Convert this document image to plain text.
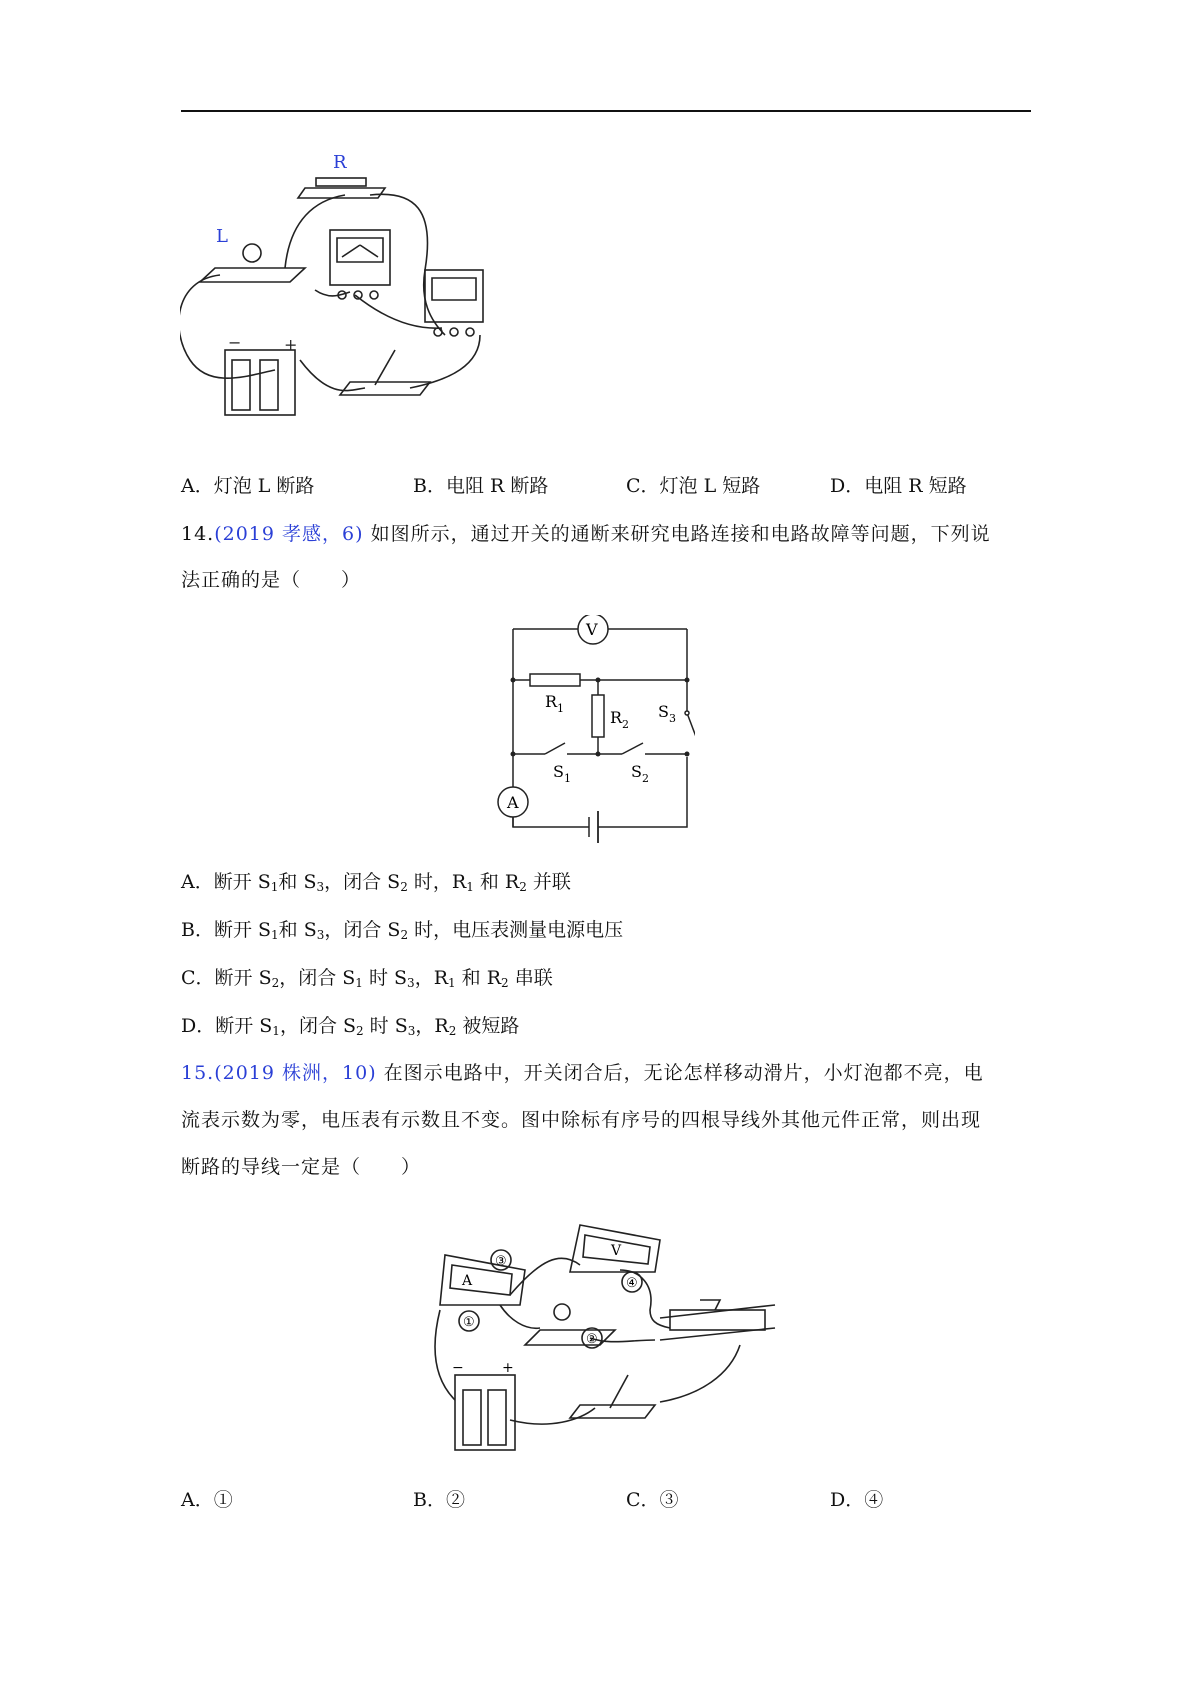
R
L
−	+
A．灯泡 L 断路	B．电阻 R 断路	C．灯泡 L 短路	D．电阻 R 短路
14.(2019 孝感，6) 如图所示，通过开关的通断来研究电路连接和电路故障等问题，下列说
法正确的是（　　）
V
A
$R_1$	$R_2$
$S_3$
$S_1$	$S_2$
A．断开 $S_1$和 $S_3$，闭合 $S_2$ 时，$R_1$ 和 $R_2$ 并联
B．断开 $S_1$和 $S_3$，闭合 $S_2$ 时，电压表测量电源电压
C．断开 $S_2$，闭合 $S_1$ 时 $S_3$，$R_1$ 和 $R_2$ 串联
D．断开 $S_1$，闭合 $S_2$ 时 $S_3$，$R_2$ 被短路
15.(2019 株洲，10) 在图示电路中，开关闭合后，无论怎样移动滑片，小灯泡都不亮，电
流表示数为零，电压表有示数且不变。图中除标有序号的四根导线外其他元件正常，则出现
断路的导线一定是（　　）
A
V
③
④
①
②
−	+
A．①	B．②	C．③	D．④
